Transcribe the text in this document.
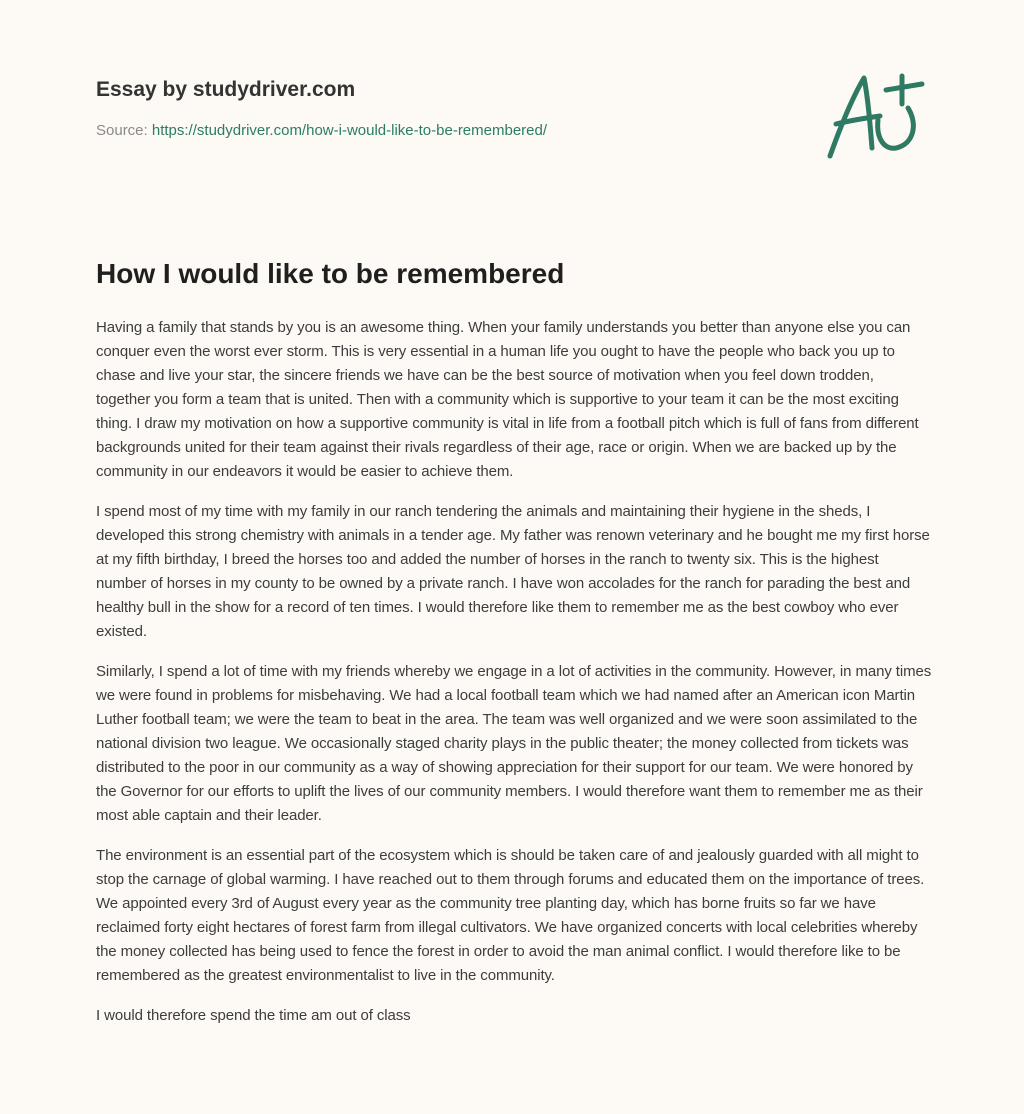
Essay by studydriver.com
Source: https://studydriver.com/how-i-would-like-to-be-remembered/
How I would like to be remembered

Having a family that stands by you is an awesome thing. When your family understands you better than anyone else you can conquer even the worst ever storm. This is very essential in a human life you ought to have the people who back you up to chase and live your star, the sincere friends we have can be the best source of motivation when you feel down trodden, together you form a team that is united. Then with a community which is supportive to your team it can be the most exciting thing. I draw my motivation on how a supportive community is vital in life from a football pitch which is full of fans from different backgrounds united for their team against their rivals regardless of their age, race or origin. When we are backed up by the community in our endeavors it would be easier to achieve them.

I spend most of my time with my family in our ranch tendering the animals and maintaining their hygiene in the sheds, I developed this strong chemistry with animals in a tender age. My father was renown veterinary and he bought me my first horse at my fifth birthday, I breed the horses too and added the number of horses in the ranch to twenty six. This is the highest number of horses in my county to be owned by a private ranch. I have won accolades for the ranch for parading the best and healthy bull in the show for a record of ten times. I would therefore like them to remember me as the best cowboy who ever existed.

Similarly, I spend a lot of time with my friends whereby we engage in a lot of activities in the community. However, in many times we were found in problems for misbehaving. We had a local football team which we had named after an American icon Martin Luther football team; we were the team to beat in the area. The team was well organized and we were soon assimilated to the national division two league. We occasionally staged charity plays in the public theater; the money collected from tickets was distributed to the poor in our community as a way of showing appreciation for their support for our team. We were honored by the Governor for our efforts to uplift the lives of our community members. I would therefore want them to remember me as their most able captain and their leader.

The environment is an essential part of the ecosystem which is should be taken care of and jealously guarded with all might to stop the carnage of global warming. I have reached out to them through forums and educated them on the importance of trees. We appointed every 3rd of August every year as the community tree planting day, which has borne fruits so far we have reclaimed forty eight hectares of forest farm from illegal cultivators. We have organized concerts with local celebrities whereby the money collected has being used to fence the forest in order to avoid the man animal conflict. I would therefore like to be remembered as the greatest environmentalist to live in the community.

I would therefore spend the time am out of class
